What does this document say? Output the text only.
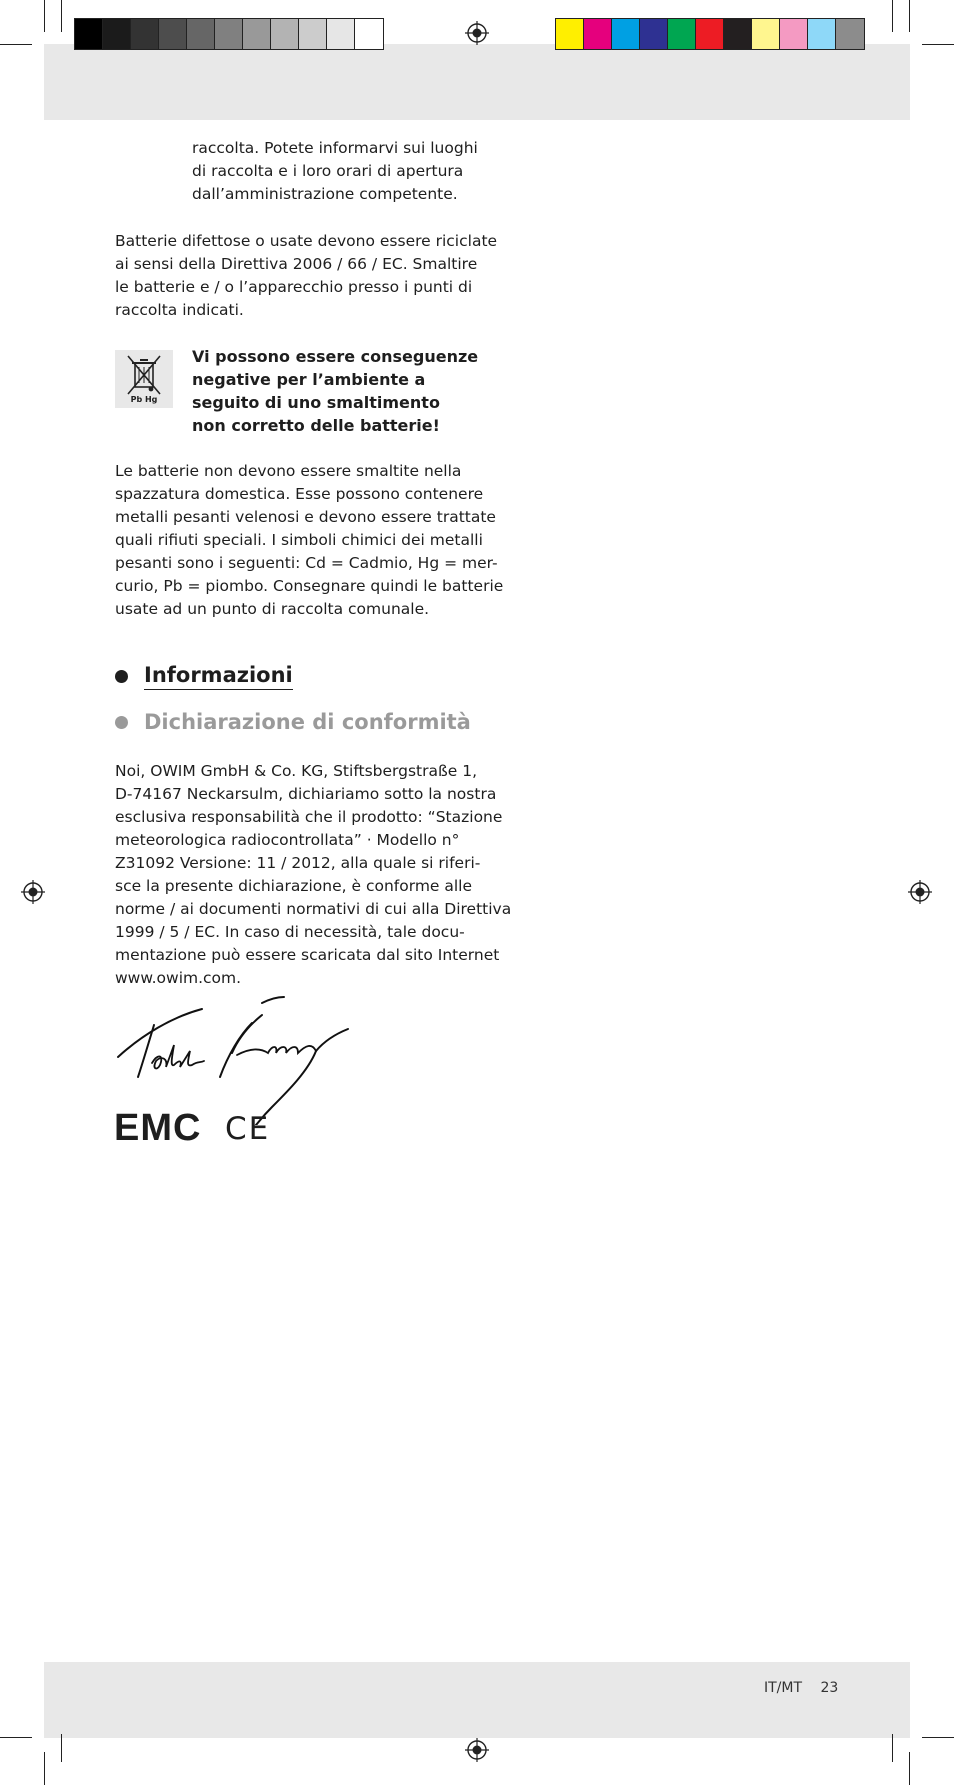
raccolta. Potete informarvi sui luoghi

di raccolta e i loro orari di apertura

dall’amministrazione competente.

Batterie difettose o usate devono essere riciclate

ai sensi della Direttiva 2006 / 66 / EC. Smaltire

le batterie e / o l’apparecchio presso i punti di

raccolta indicati.

Pb Hg

Vi possono essere conseguenze

negative per l’ambiente a

seguito di uno smaltimento

non corretto delle batterie!

Le batterie non devono essere smaltite nella

spazzatura domestica. Esse possono contenere

metalli pesanti velenosi e devono essere trattate

quali rifiuti speciali. I simboli chimici dei metalli

pesanti sono i seguenti: Cd = Cadmio, Hg = mer-

curio, Pb = piombo. Consegnare quindi le batterie

usate ad un punto di raccolta comunale.

Informazioni
Dichiarazione di conformità

Noi, OWIM GmbH & Co. KG, Stiftsbergstraße 1,

D-74167 Neckarsulm, dichiariamo sotto la nostra

esclusiva responsabilità che il prodotto: “Stazione

meteorologica radiocontrollata” · Modello n°

Z31092 Versione: 11 / 2012, alla quale si riferi-

sce la presente dichiarazione, è conforme alle

norme / ai documenti normativi di cui alla Direttiva

1999 / 5 / EC. In caso di necessità, tale docu-

mentazione può essere scaricata dal sito Internet

www.owim.com.

EMC CE
IT/MT 23
